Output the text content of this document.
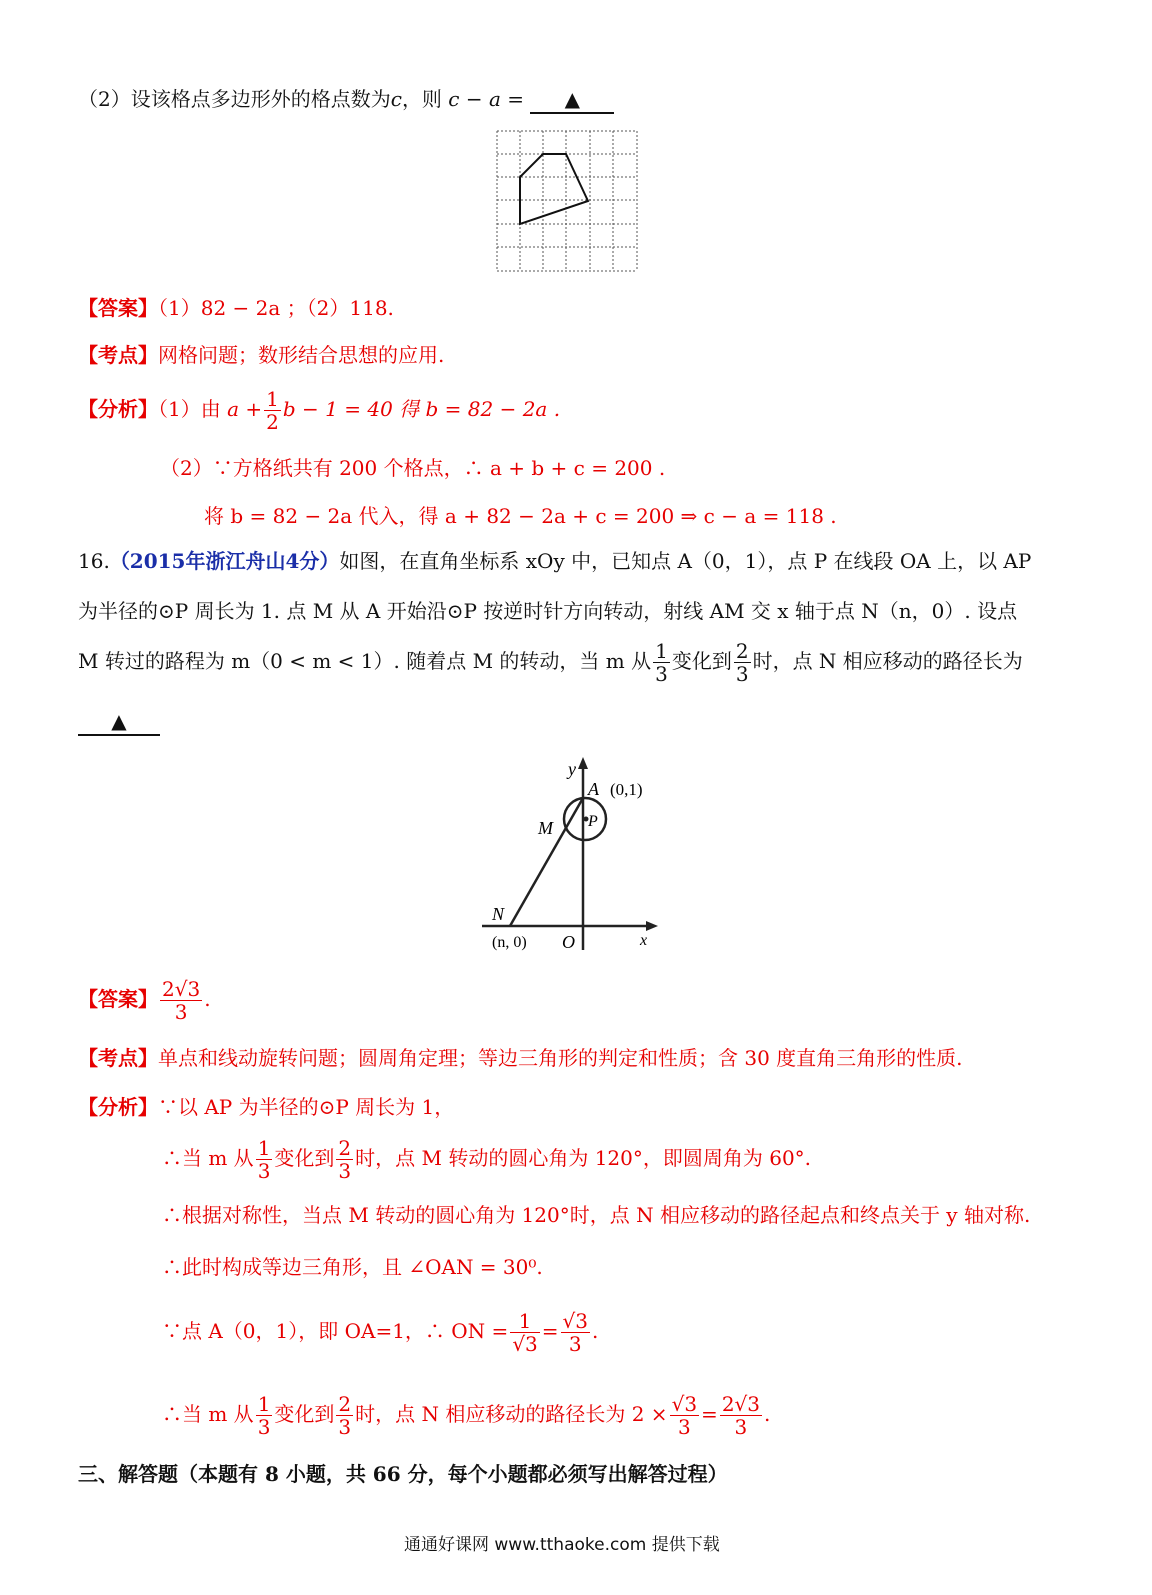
（2）设该格点多边形外的格点数为c，则 c − a = ▲
【答案】（1）82 − 2a ；（2）118.
【考点】网格问题；数形结合思想的应用.
【分析】（1）由 $a + \frac{1}{2}$ b − 1 = 40 得 b = 82 − 2a .
（2）∵方格纸共有 200 个格点，∴ a + b + c = 200 .
将 b = 82 − 2a 代入，得 a + 82 − 2a + c = 200 ⇒ c − a = 118 .
16.（2015年浙江舟山4分）如图，在直角坐标系 xOy 中，已知点 A（0，1），点 P 在线段 OA 上，以 AP
为半径的⊙P 周长为 1. 点 M 从 A 开始沿⊙P 按逆时针方向转动，射线 AM 交 x 轴于点 N（n，0）. 设点
M 转过的路程为 m（0 < m < 1）. 随着点 M 的转动，当 m 从 $\frac{1}{3}$ 变化到 $\frac{2}{3}$ 时，点 N 相应移动的路径长为
▲
y
A (0,1)
M P
N
(n, 0) O	x
【答案】 $\frac{2√3}{3}$ .
【考点】单点和线动旋转问题；圆周角定理；等边三角形的判定和性质；含 30 度直角三角形的性质.
【分析】∵以 AP 为半径的⊙P 周长为 1，
∴当 m 从 $\frac{1}{3}$ 变化到 $\frac{2}{3}$ 时，点 M 转动的圆心角为 120°，即圆周角为 60°.
∴根据对称性，当点 M 转动的圆心角为 120°时，点 N 相应移动的路径起点和终点关于 y 轴对称.
∴此时构成等边三角形，且 ∠OAN = 30⁰.
∵点 A（0，1），即 OA=1，∴ ON = $\frac{1}{√3} = \frac{√3}{3}$ .
∴当 m 从 $\frac{1}{3}$ 变化到 $\frac{2}{3}$ 时，点 N 相应移动的路径长为 $2 \times \frac{√3}{3} = \frac{2√3}{3}$ .
三、解答题（本题有 8 小题，共 66 分，每个小题都必须写出解答过程）
通通好课网 www.tthaoke.com 提供下载
